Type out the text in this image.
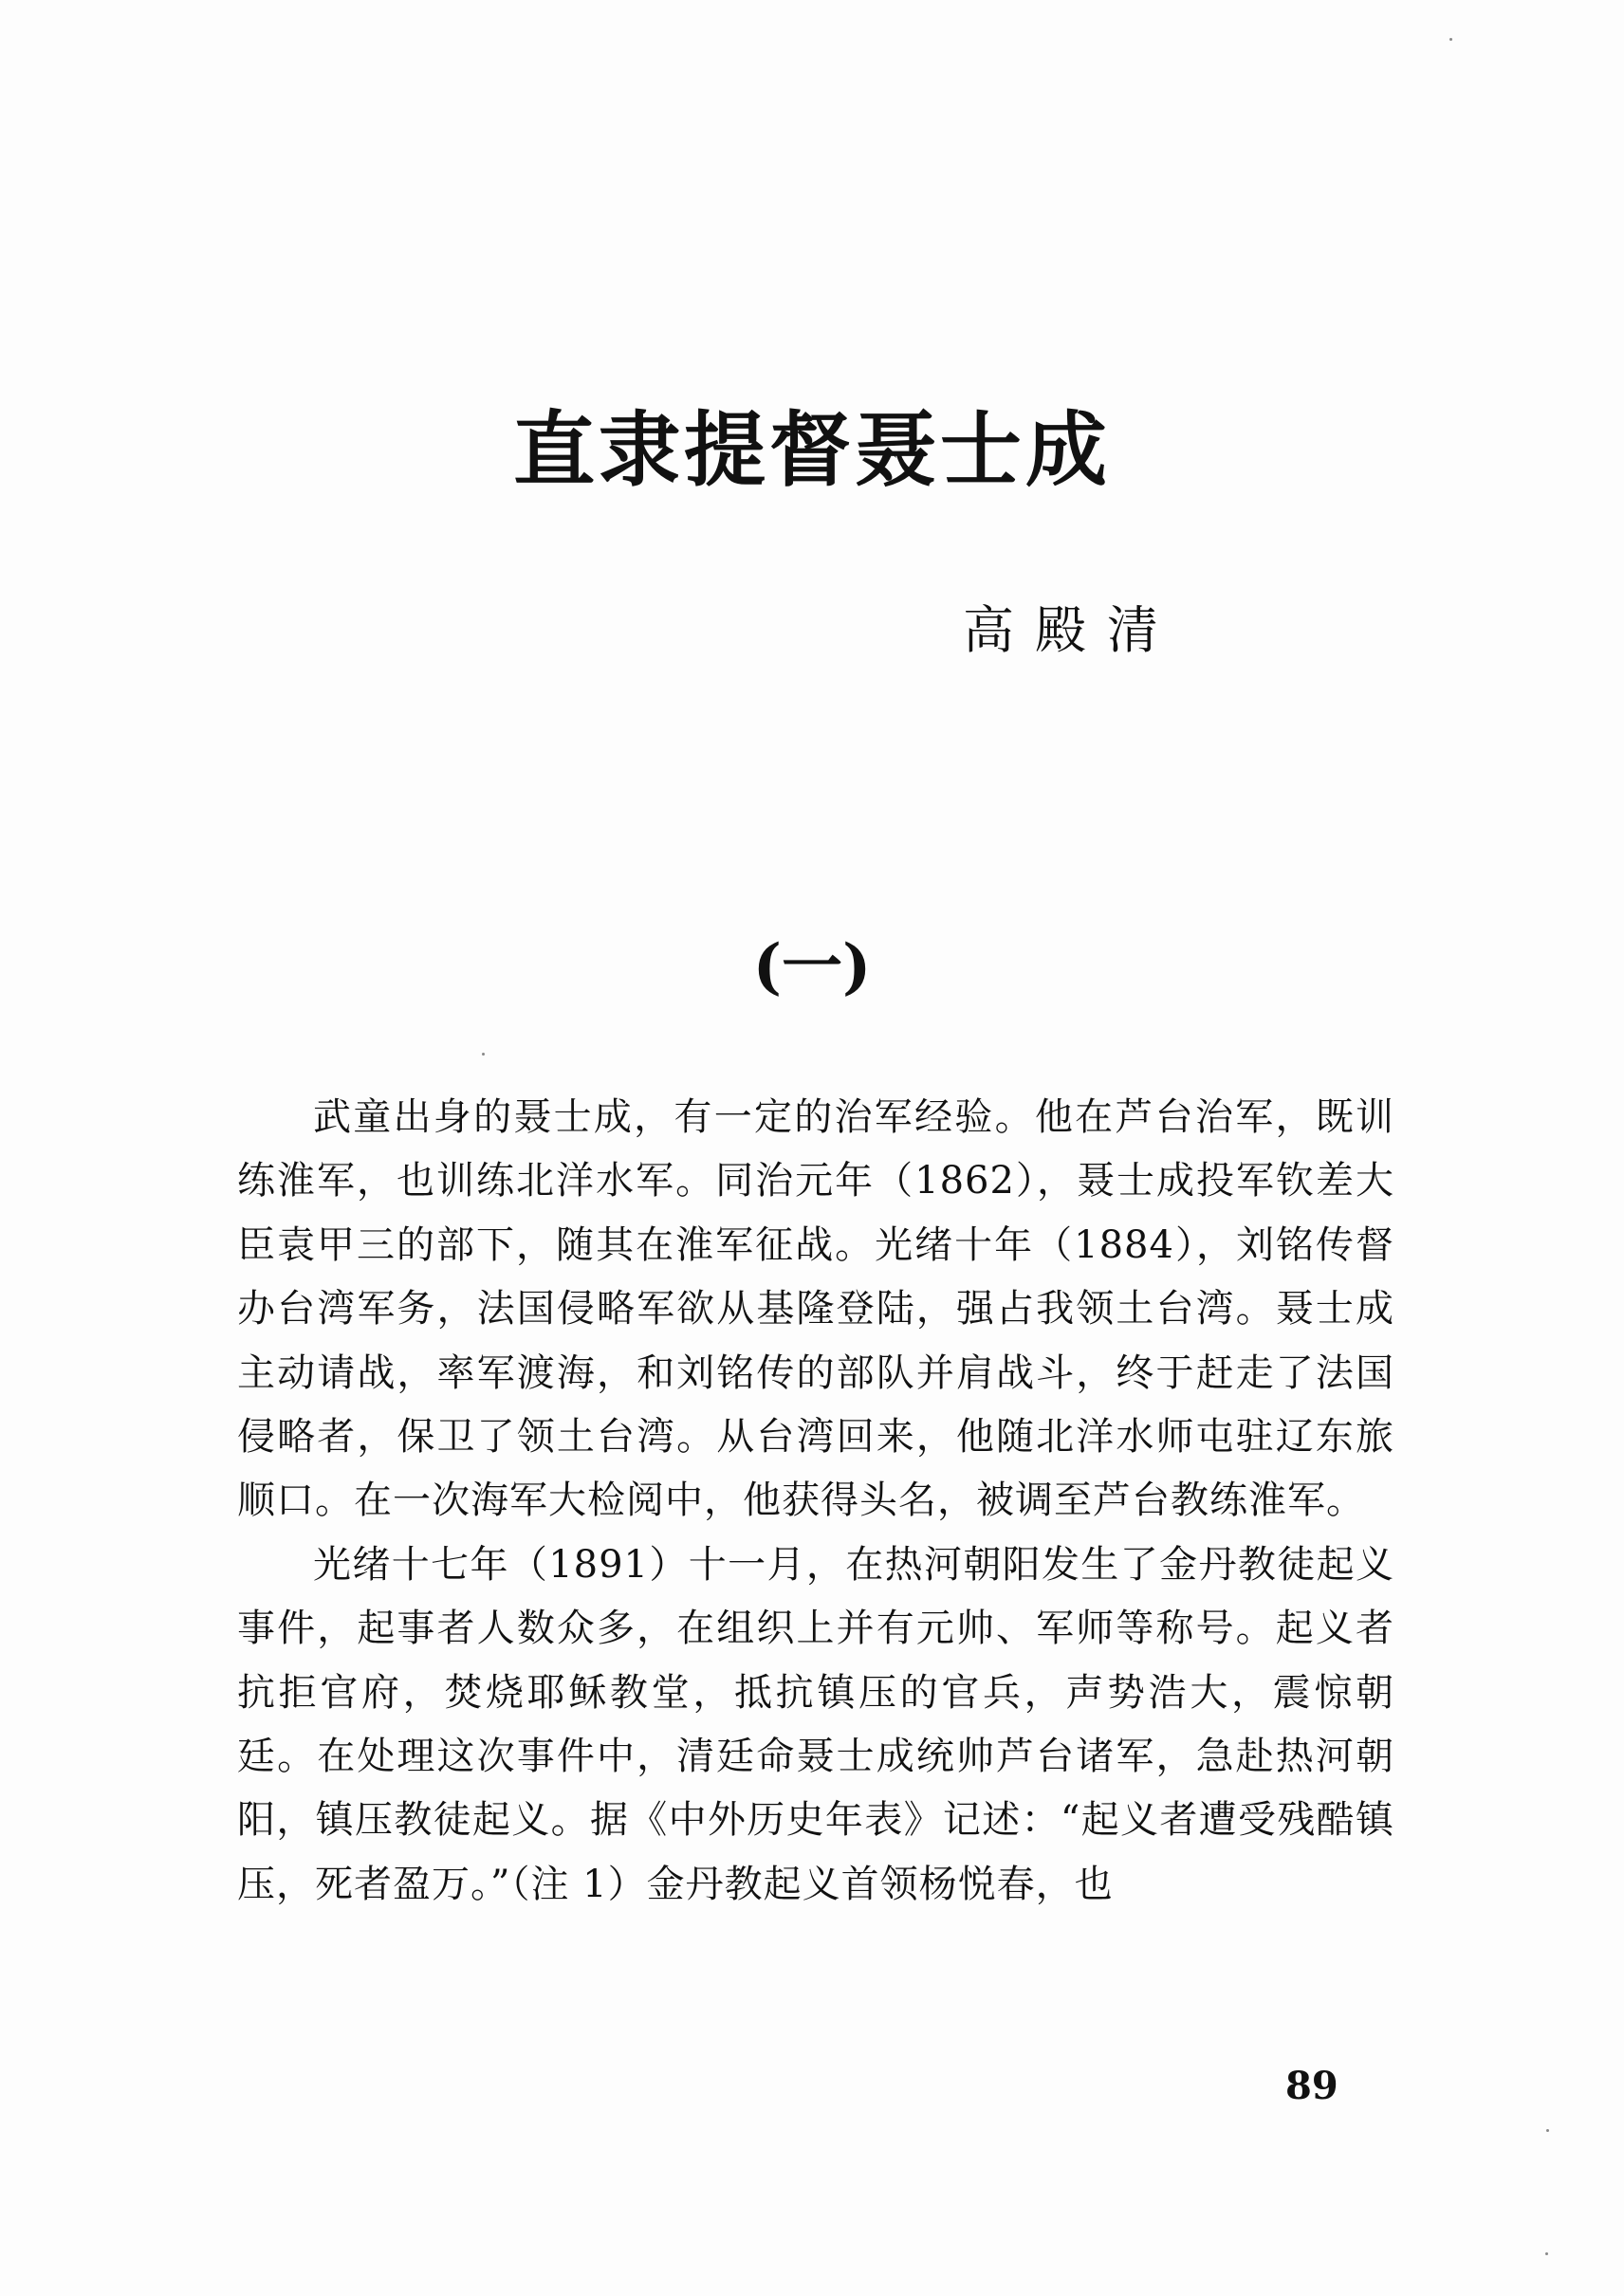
直隶提督聂士成
高殿清
(一)

武童出身的聂士成，有一定的治军经验。他在芦台治军，既训练淮军，也训练北洋水军。同治元年（1862），聂士成投军钦差大臣袁甲三的部下，随其在淮军征战。光绪十年（1884），刘铭传督办台湾军务，法国侵略军欲从基隆登陆，强占我领土台湾。聂士成主动请战，率军渡海，和刘铭传的部队并肩战斗，终于赶走了法国侵略者，保卫了领土台湾。从台湾回来，他随北洋水师屯驻辽东旅顺口。在一次海军大检阅中，他获得头名，被调至芦台教练淮军。

光绪十七年（1891）十一月，在热河朝阳发生了金丹教徒起义事件，起事者人数众多，在组织上并有元帅、军师等称号。起义者抗拒官府，焚烧耶稣教堂，抵抗镇压的官兵，声势浩大，震惊朝廷。在处理这次事件中，清廷命聂士成统帅芦台诸军，急赴热河朝阳，镇压教徒起义。据《中外历史年表》记述：“起义者遭受残酷镇压，死者盈万。”（注 1）金丹教起义首领杨悦春，也

89
